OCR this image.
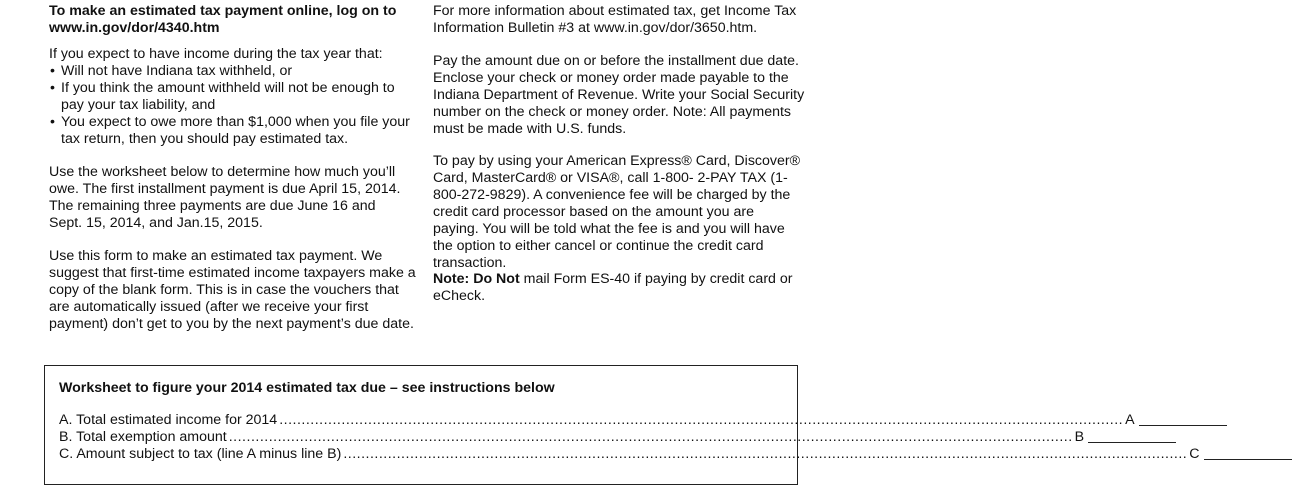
To make an estimated tax payment online, log on to

www.in.gov/dor/4340.htm

If you expect to have income during the tax year that:

• Will not have Indiana tax withheld, or
• If you think the amount withheld will not be enough to pay your tax liability, and
• You expect to owe more than $1,000 when you file your tax return, then you should pay estimated tax.

Use the worksheet below to determine how much you’ll owe. The first installment payment is due April 15, 2014. The remaining three payments are due June 16 and Sept. 15, 2014, and Jan.15, 2015.

Use this form to make an estimated tax payment. We suggest that first-time estimated income taxpayers make a copy of the blank form. This is in case the vouchers that are automatically issued (after we receive your first payment) don’t get to you by the next payment’s due date.

For more information about estimated tax, get Income Tax Information Bulletin #3 at www.in.gov/dor/3650.htm.

Pay the amount due on or before the installment due date. Enclose your check or money order made payable to the Indiana Department of Revenue. Write your Social Security number on the check or money order. Note: All payments must be made with U.S. funds.

To pay by using your American Express® Card, Discover® Card, MasterCard® or VISA®, call 1-800- 2-PAY TAX (1-800-272-9829). A convenience fee will be charged by the credit card processor based on the amount you are paying. You will be told what the fee is and you will have the option to either cancel or continue the credit card transaction.

Note: Do Not mail Form ES-40 if paying by credit card or eCheck.

Worksheet to figure your 2014 estimated tax due – see instructions below

A. Total estimated income for 2014 .............................................................................................................................................................................................. A
B. Total exemption amount .............................................................................................................................................................................................. B
C. Amount subject to tax (line A minus line B) .............................................................................................................................................................................................. C
